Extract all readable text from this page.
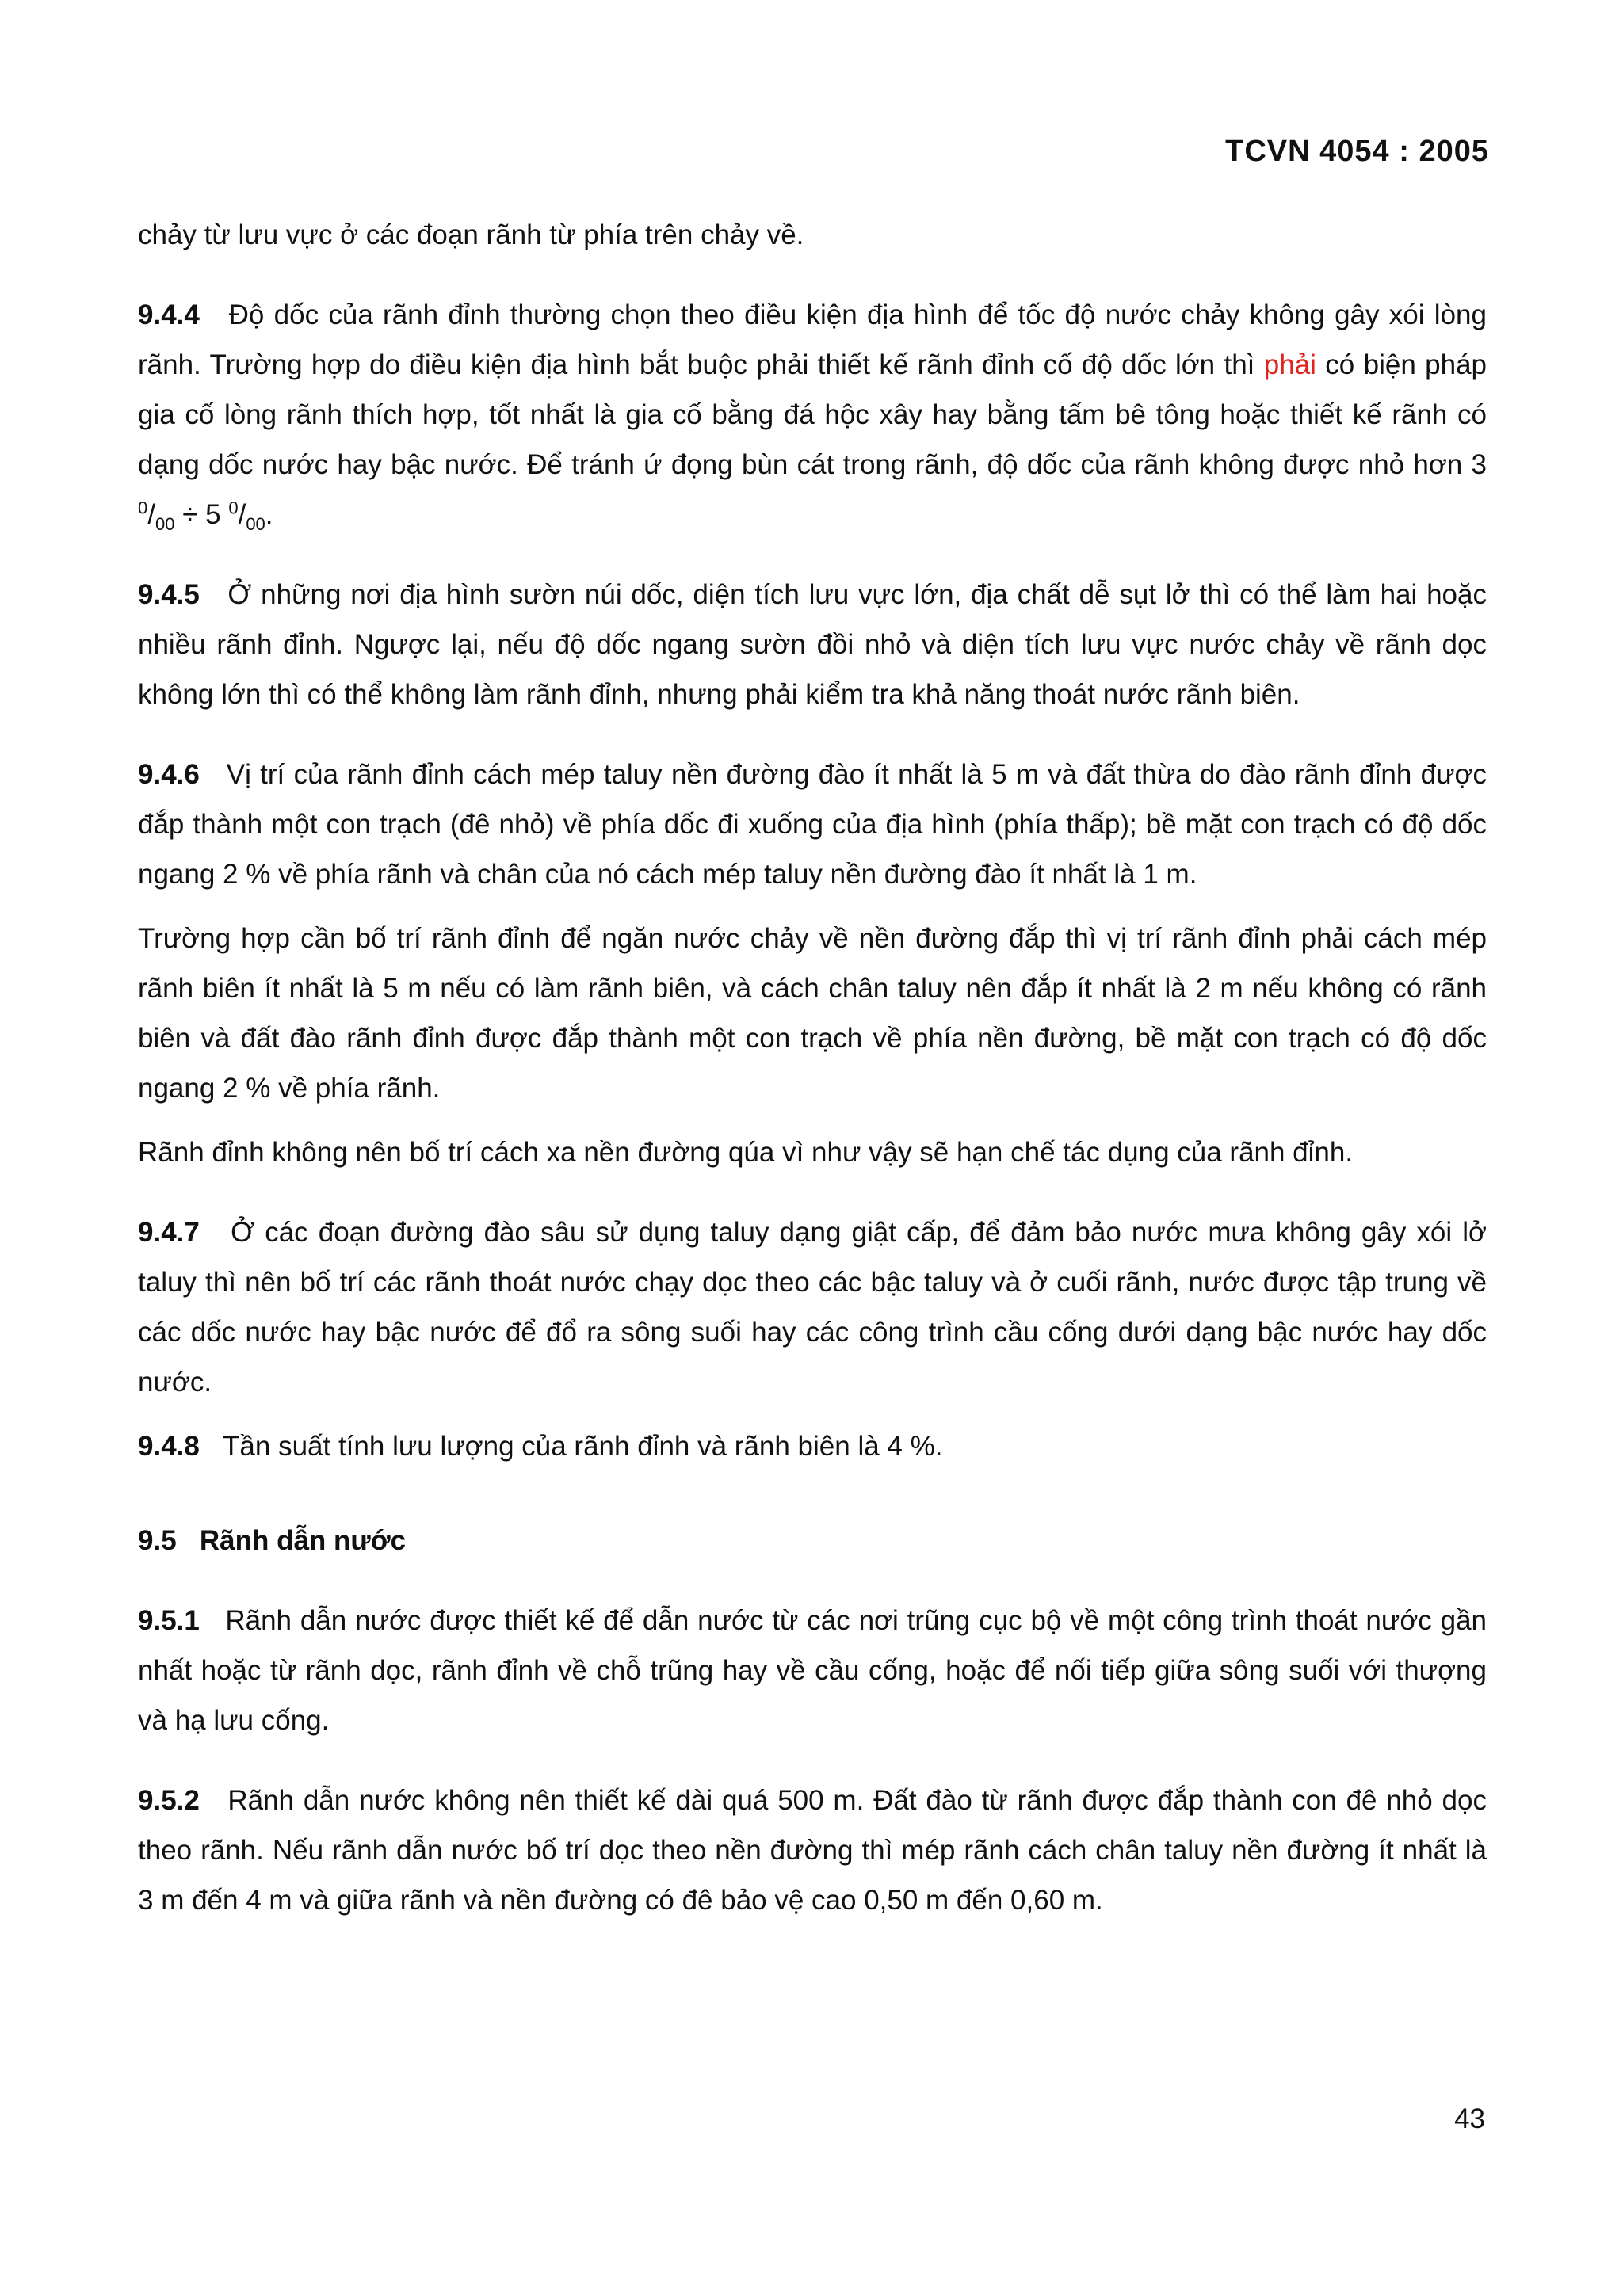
TCVN 4054 : 2005

chảy từ lưu vực ở các đoạn rãnh từ phía trên chảy về.

9.4.4 Độ dốc của rãnh đỉnh thường chọn theo điều kiện địa hình để tốc độ nước chảy không gây xói lòng rãnh. Trường hợp do điều kiện địa hình bắt buộc phải thiết kế rãnh đỉnh cố độ dốc lớn thì phải có biện pháp gia cố lòng rãnh thích hợp, tốt nhất là gia cố bằng đá hộc xây hay bằng tấm bê tông hoặc thiết kế rãnh có dạng dốc nước hay bậc nước. Để tránh ứ đọng bùn cát trong rãnh, độ dốc của rãnh không được nhỏ hơn 3 $^0/_{00} \div 5$ $^0/_{00}$.

9.4.5 Ở những nơi địa hình sườn núi dốc, diện tích lưu vực lớn, địa chất dễ sụt lở thì có thể làm hai hoặc nhiều rãnh đỉnh. Ngược lại, nếu độ dốc ngang sườn đồi nhỏ và diện tích lưu vực nước chảy về rãnh dọc không lớn thì có thể không làm rãnh đỉnh, nhưng phải kiểm tra khả năng thoát nước rãnh biên.

9.4.6 Vị trí của rãnh đỉnh cách mép taluy nền đường đào ít nhất là 5 m và đất thừa do đào rãnh đỉnh được đắp thành một con trạch (đê nhỏ) về phía dốc đi xuống của địa hình (phía thấp); bề mặt con trạch có độ dốc ngang 2 % về phía rãnh và chân của nó cách mép taluy nền đường đào ít nhất là 1 m.

Trường hợp cần bố trí rãnh đỉnh để ngăn nước chảy về nền đường đắp thì vị trí rãnh đỉnh phải cách mép rãnh biên ít nhất là 5 m nếu có làm rãnh biên, và cách chân taluy nên đắp ít nhất là 2 m nếu không có rãnh biên và đất đào rãnh đỉnh được đắp thành một con trạch về phía nền đường, bề mặt con trạch có độ dốc ngang 2 % về phía rãnh.

Rãnh đỉnh không nên bố trí cách xa nền đường qúa vì như vậy sẽ hạn chế tác dụng của rãnh đỉnh.

9.4.7 Ở các đoạn đường đào sâu sử dụng taluy dạng giật cấp, để đảm bảo nước mưa không gây xói lở taluy thì nên bố trí các rãnh thoát nước chạy dọc theo các bậc taluy và ở cuối rãnh, nước được tập trung về các dốc nước hay bậc nước để đổ ra sông suối hay các công trình cầu cống dưới dạng bậc nước hay dốc nước.

9.4.8 Tần suất tính lưu lượng của rãnh đỉnh và rãnh biên là 4 %.

9.5 Rãnh dẫn nước

9.5.1 Rãnh dẫn nước được thiết kế để dẫn nước từ các nơi trũng cục bộ về một công trình thoát nước gần nhất hoặc từ rãnh dọc, rãnh đỉnh về chỗ trũng hay về cầu cống, hoặc để nối tiếp giữa sông suối với thượng và hạ lưu cống.

9.5.2 Rãnh dẫn nước không nên thiết kế dài quá 500 m. Đất đào từ rãnh được đắp thành con đê nhỏ dọc theo rãnh. Nếu rãnh dẫn nước bố trí dọc theo nền đường thì mép rãnh cách chân taluy nền đường ít nhất là 3 m đến 4 m và giữa rãnh và nền đường có đê bảo vệ cao 0,50 m đến 0,60 m.

43
